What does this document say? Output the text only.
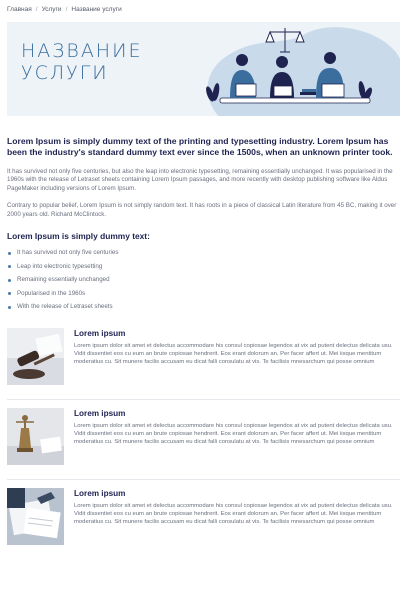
Главная / Услуги / Название услуги
НАЗВАНИЕ
УСЛУГИ
Lorem Ipsum is simply dummy text of the printing and typesetting industry. Lorem Ipsum has been the industry's standard dummy text ever since the 1500s, when an unknown printer took.

It has survived not only five centuries, but also the leap into electronic typesetting, remaining essentially unchanged. It was popularised in the 1960s with the release of Letraset sheets containing Lorem Ipsum passages, and more recently with desktop publishing software like Aldus PageMaker including versions of Lorem Ipsum.

Contrary to popular belief, Lorem Ipsum is not simply random text. It has roots in a piece of classical Latin literature from 45 BC, making it over 2000 years old. Richard McClintock.

Lorem Ipsum is simply dummy text:
It has survived not only five centuries
Leap into electronic typesetting
Remaining essentially unchanged
Popularised in the 1960s
With the release of Letraset sheets
Lorem ipsum
Lorem ipsum dolor sit amet et delectus accommodare his consul copiosae legendos at vix ad putent delectus delicata usu. Vidit dissentiet eos cu eum an brute copiosae hendrerit. Eos erant dolorum an. Per facer affert ut. Mei iisque mentitum moderatius cu. Sit munere facilis accusam eu dicat falli consulatu at vis. Te facilisis mnesarchum qui posse omnium
Lorem ipsum
Lorem ipsum dolor sit amet et delectus accommodare his consul copiosae legendos at vix ad putent delectus delicata usu. Vidit dissentiet eos cu eum an brute copiosae hendrerit. Eos erant dolorum an. Per facer affert ut. Mei iisque mentitum moderatius cu. Sit munere facilis accusam eu dicat falli consulatu at vis. Te facilisis mnesarchum qui posse omnium
Lorem ipsum
Lorem ipsum dolor sit amet et delectus accommodare his consul copiosae legendos at vix ad putent delectus delicata usu. Vidit dissentiet eos cu eum an brute copiosae hendrerit. Eos erant dolorum an. Per facer affert ut. Mei iisque mentitum moderatius cu. Sit munere facilis accusam eu dicat falli consulatu at vis. Te facilisis mnesarchum qui posse omnium
